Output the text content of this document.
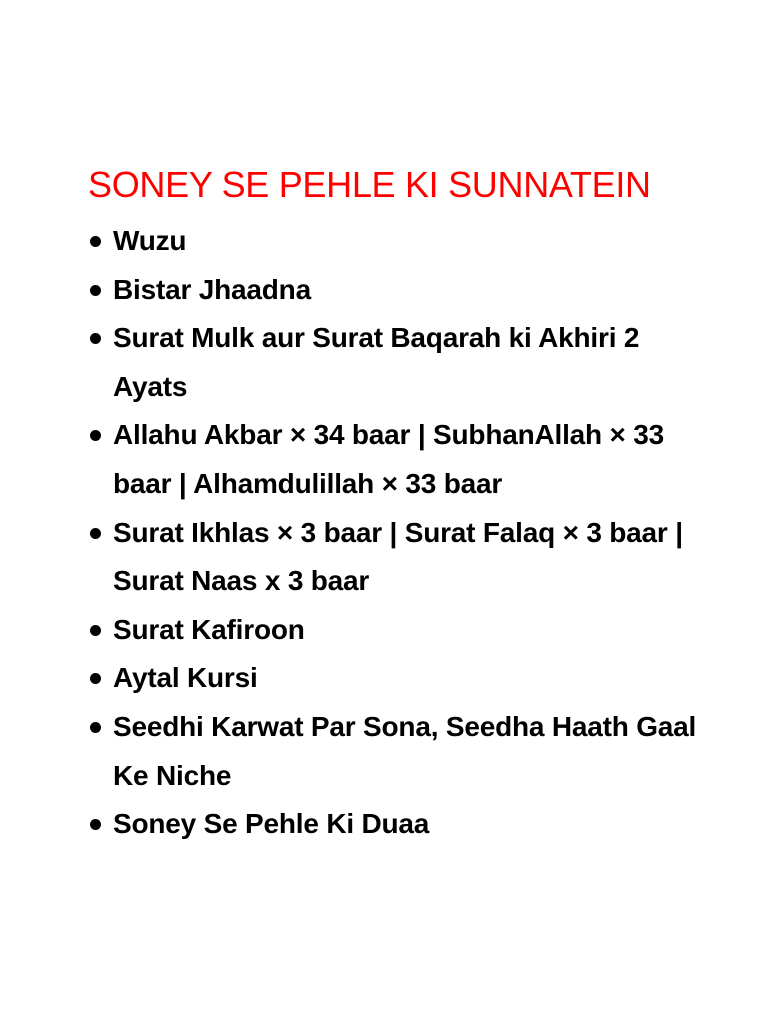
SONEY SE PEHLE KI SUNNATEIN
Wuzu
Bistar Jhaadna
Surat Mulk aur Surat Baqarah ki Akhiri 2 Ayats
Allahu Akbar × 34 baar | SubhanAllah × 33 baar | Alhamdulillah × 33 baar
Surat Ikhlas × 3 baar | Surat Falaq × 3 baar | Surat Naas x 3 baar
Surat Kafiroon
Aytal Kursi
Seedhi Karwat Par Sona, Seedha Haath Gaal Ke Niche
Soney Se Pehle Ki Duaa
